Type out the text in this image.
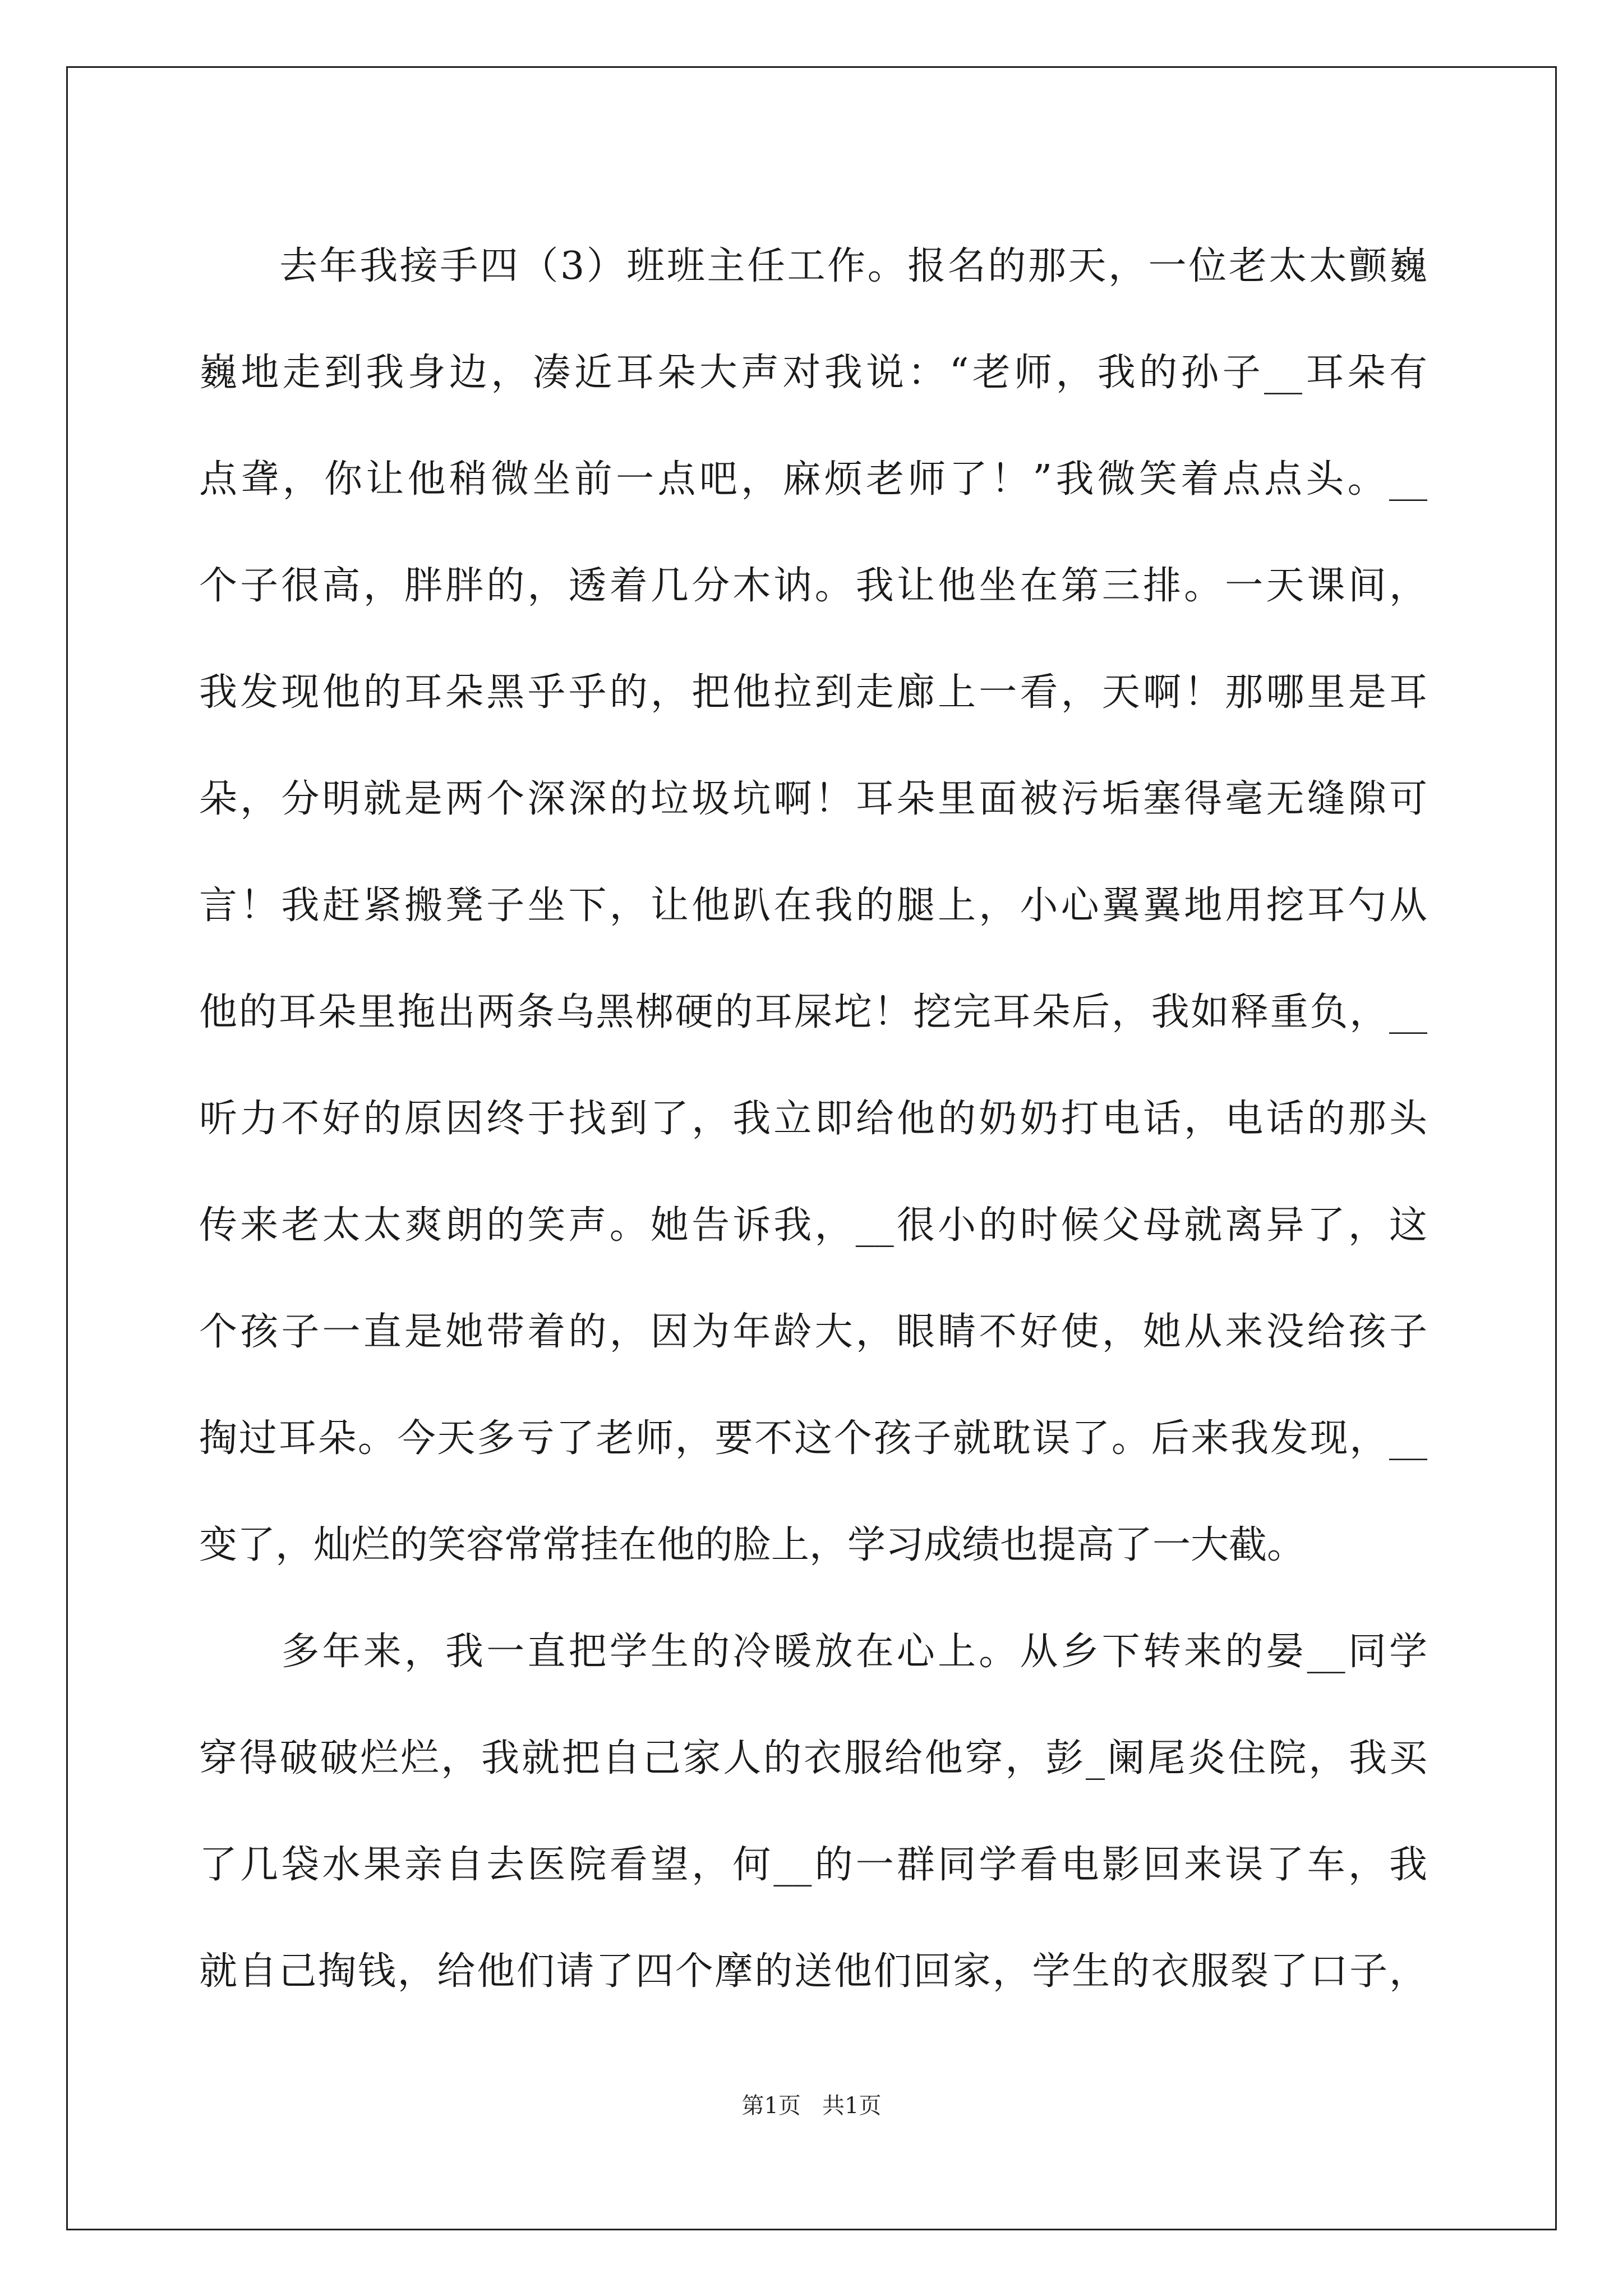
　　去年我接手四（3）班班主任工作。报名的那天，一位老太太颤巍
巍地走到我身边，凑近耳朵大声对我说：“老师，我的孙子__耳朵有
点聋，你让他稍微坐前一点吧，麻烦老师了！”我微笑着点点头。__
个子很高，胖胖的，透着几分木讷。我让他坐在第三排。一天课间，
我发现他的耳朵黑乎乎的，把他拉到走廊上一看，天啊！那哪里是耳
朵，分明就是两个深深的垃圾坑啊！耳朵里面被污垢塞得毫无缝隙可
言！我赶紧搬凳子坐下，让他趴在我的腿上，小心翼翼地用挖耳勺从
他的耳朵里拖出两条乌黑梆硬的耳屎坨！挖完耳朵后，我如释重负，__
听力不好的原因终于找到了，我立即给他的奶奶打电话，电话的那头
传来老太太爽朗的笑声。她告诉我，__很小的时候父母就离异了，这
个孩子一直是她带着的，因为年龄大，眼睛不好使，她从来没给孩子
掏过耳朵。今天多亏了老师，要不这个孩子就耽误了。后来我发现，__
变了，灿烂的笑容常常挂在他的脸上，学习成绩也提高了一大截。
　　多年来，我一直把学生的冷暖放在心上。从乡下转来的晏__同学
穿得破破烂烂，我就把自己家人的衣服给他穿，彭_阑尾炎住院，我买
了几袋水果亲自去医院看望，何__的一群同学看电影回来误了车，我
就自己掏钱，给他们请了四个摩的送他们回家，学生的衣服裂了口子，
第1页   共1页
